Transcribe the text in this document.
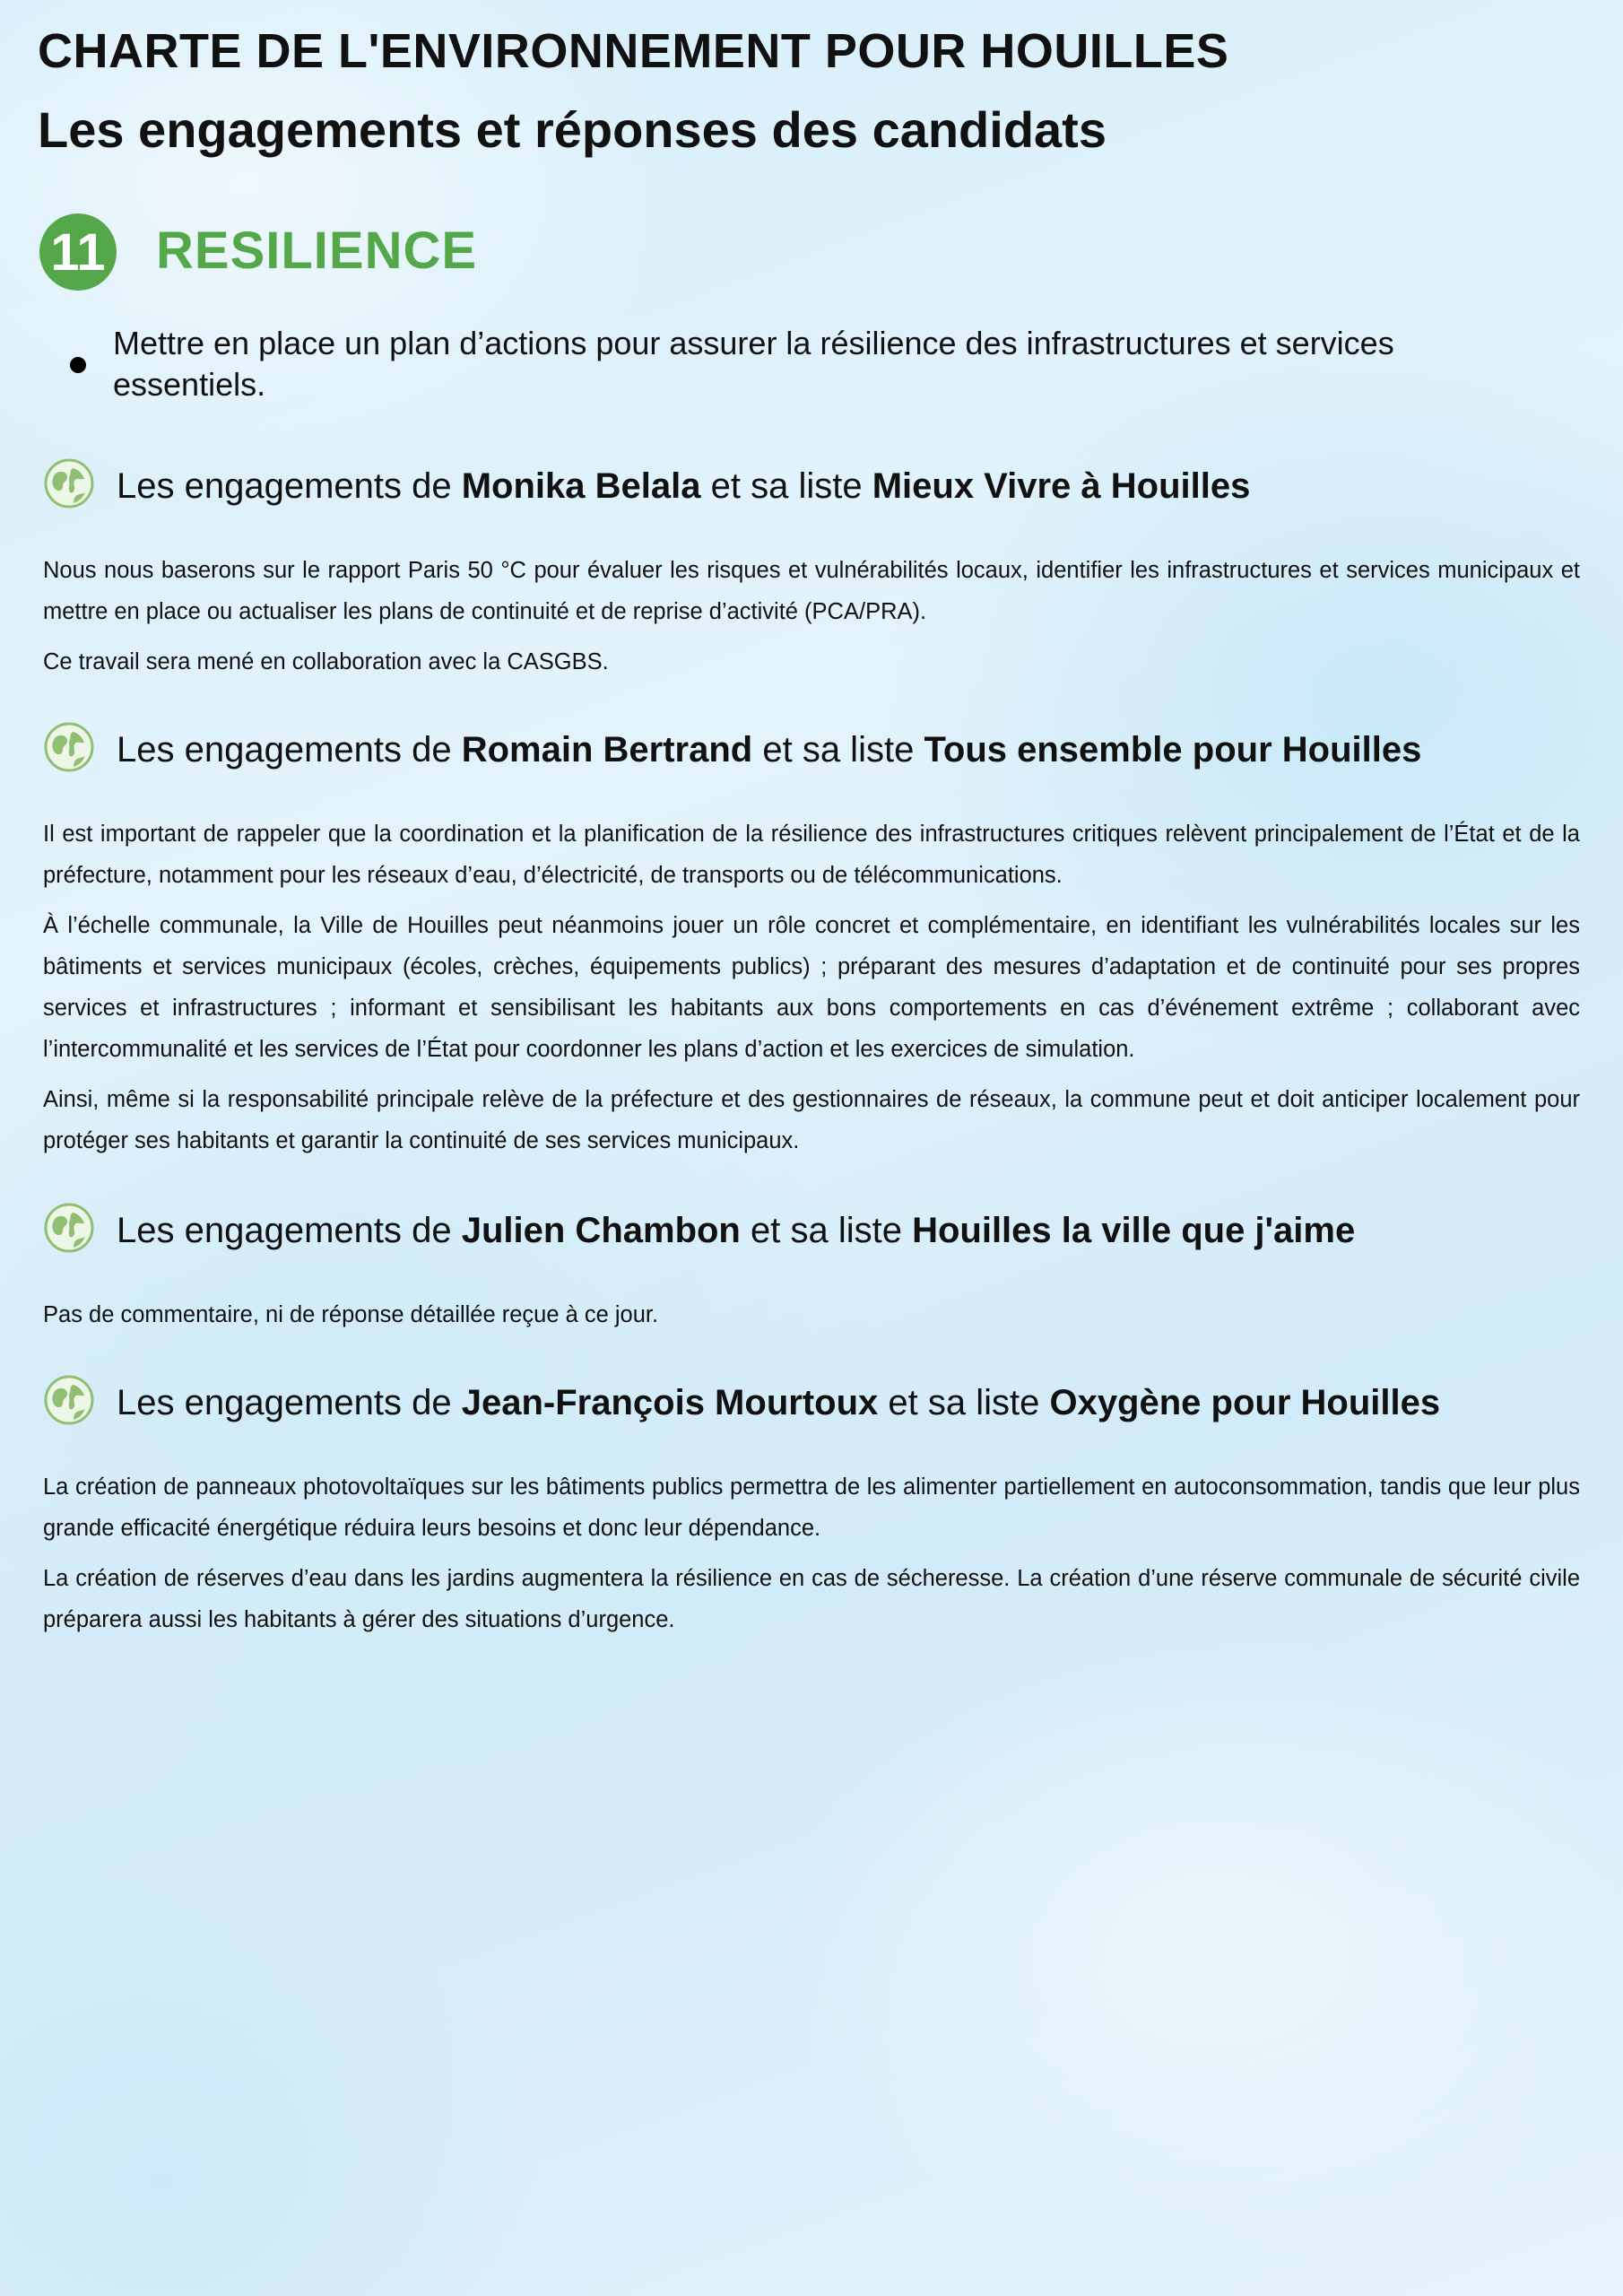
CHARTE DE L'ENVIRONNEMENT POUR HOUILLES
Les engagements et réponses des candidats
11 RESILIENCE
Mettre en place un plan d’actions pour assurer la résilience des infrastructures et services essentiels.
Les engagements de Monika Belala et sa liste Mieux Vivre à Houilles

Nous nous baserons sur le rapport Paris 50 °C pour évaluer les risques et vulnérabilités locaux, identifier les infrastructures et services municipaux et mettre en place ou actualiser les plans de continuité et de reprise d’activité (PCA/PRA).

Ce travail sera mené en collaboration avec la CASGBS.

Les engagements de Romain Bertrand et sa liste Tous ensemble pour Houilles

Il est important de rappeler que la coordination et la planification de la résilience des infrastructures critiques relèvent principalement de l’État et de la préfecture, notamment pour les réseaux d’eau, d’électricité, de transports ou de télécommunications.

À l’échelle communale, la Ville de Houilles peut néanmoins jouer un rôle concret et complémentaire, en identifiant les vulnérabilités locales sur les bâtiments et services municipaux (écoles, crèches, équipements publics) ; préparant des mesures d’adaptation et de continuité pour ses propres services et infrastructures ; informant et sensibilisant les habitants aux bons comportements en cas d’événement extrême ; collaborant avec l’intercommunalité et les services de l’État pour coordonner les plans d’action et les exercices de simulation.

Ainsi, même si la responsabilité principale relève de la préfecture et des gestionnaires de réseaux, la commune peut et doit anticiper localement pour protéger ses habitants et garantir la continuité de ses services municipaux.

Les engagements de Julien Chambon et sa liste Houilles la ville que j'aime

Pas de commentaire, ni de réponse détaillée reçue à ce jour.

Les engagements de Jean-François Mourtoux et sa liste Oxygène pour Houilles

La création de panneaux photovoltaïques sur les bâtiments publics permettra de les alimenter partiellement en autoconsommation, tandis que leur plus grande efficacité énergétique réduira leurs besoins et donc leur dépendance.

La création de réserves d’eau dans les jardins augmentera la résilience en cas de sécheresse. La création d’une réserve communale de sécurité civile préparera aussi les habitants à gérer des situations d’urgence.
